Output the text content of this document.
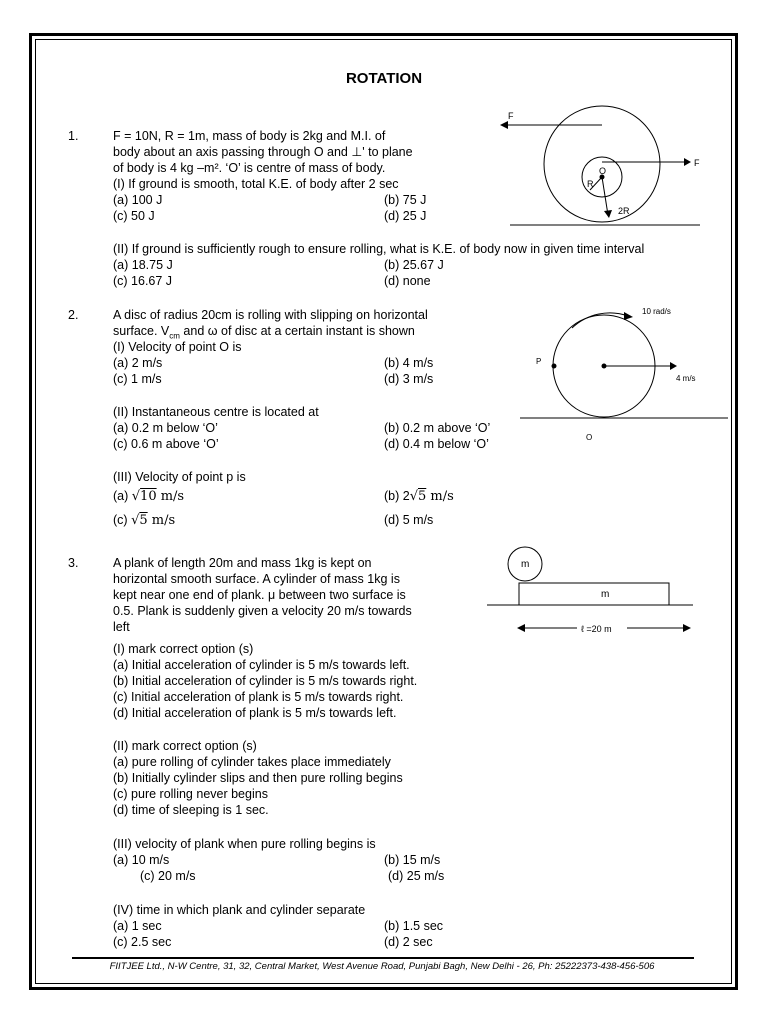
ROTATION
1.	F = 10N, R = 1m, mass of body is 2kg and M.I. of
body about an axis passing through O and ⊥' to plane
of body is 4 kg –m². ‘O’ is centre of mass of body.
(I) If ground is smooth, total K.E. of body after 2 sec
(a) 100 J	(b) 75 J
(c) 50 J	(d) 25 J
(II) If ground is sufficiently rough to ensure rolling, what is K.E. of body now in given time interval
(a) 18.75 J	(b) 25.67 J
(c) 16.67 J	(d) none
F
F
O
R
2R
2.	A disc of radius 20cm is rolling with slipping on horizontal
surface. $V_{cm}$ and ω of disc at a certain instant is shown
(I) Velocity of point O is
(a) 2 m/s	(b) 4 m/s
(c) 1 m/s	(d) 3 m/s
(II) Instantaneous centre is located at
(a) 0.2 m below ‘O’	(b) 0.2 m above ‘O’
(c) 0.6 m above ‘O’	(d) 0.4 m below ‘O’
(III) Velocity of point p is
(a) √10 m/s	(b) 2√5 m/s
(c) √5 m/s	(d) 5 m/s
10 rad/s
P
4 m/s
O
3.	A plank of length 20m and mass 1kg is kept on
horizontal smooth surface. A cylinder of mass 1kg is
kept near one end of plank. μ between two surface is
0.5. Plank is suddenly given a velocity 20 m/s towards
left
(I) mark correct option (s)
(a) Initial acceleration of cylinder is 5 m/s towards left.
(b) Initial acceleration of cylinder is 5 m/s towards right.
(c) Initial acceleration of plank is 5 m/s towards right.
(d) Initial acceleration of plank is 5 m/s towards left.
(II) mark correct option (s)
(a) pure rolling of cylinder takes place immediately
(b) Initially cylinder slips and then pure rolling begins
(c) pure rolling never begins
(d) time of sleeping is 1 sec.
(III) velocity of plank when pure rolling begins is
(a) 10 m/s	(b) 15 m/s
(c) 20 m/s	(d) 25 m/s
(IV) time in which plank and cylinder separate
(a) 1 sec	(b) 1.5 sec
(c) 2.5 sec	(d) 2 sec
m
m
ℓ =20 m
FIITJEE Ltd., N-W Centre, 31, 32, Central Market, West Avenue Road, Punjabi Bagh, New Delhi - 26, Ph: 25222373-438-456-506
